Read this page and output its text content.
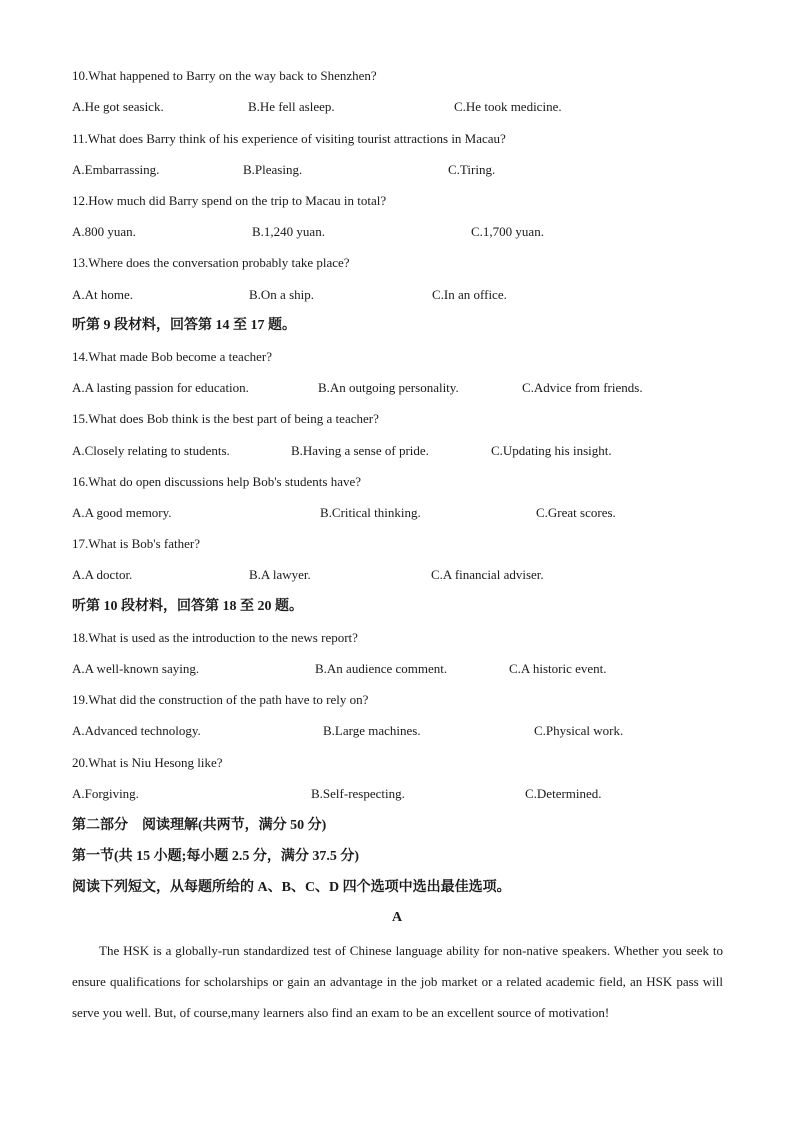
10.What happened to Barry on the way back to Shenzhen?
A.He got seasick.	B.He fell asleep.	C.He took medicine.
11.What does Barry think of his experience of visiting tourist attractions in Macau?
A.Embarrassing.	B.Pleasing.	C.Tiring.
12.How much did Barry spend on the trip to Macau in total?
A.800 yuan.	B.1,240 yuan.	C.1,700 yuan.
13.Where does the conversation probably take place?
A.At home.	B.On a ship.	C.In an office.
听第 9 段材料，回答第 14 至 17 题。
14.What made Bob become a teacher?
A.A lasting passion for education.	B.An outgoing personality.	C.Advice from friends.
15.What does Bob think is the best part of being a teacher?
A.Closely relating to students.	B.Having a sense of pride.	C.Updating his insight.
16.What do open discussions help Bob's students have?
A.A good memory.	B.Critical thinking.	C.Great scores.
17.What is Bob's father?
A.A doctor.	B.A lawyer.	C.A financial adviser.
听第 10 段材料，回答第 18 至 20 题。
18.What is used as the introduction to the news report?
A.A well-known saying.	B.An audience comment.	C.A historic event.
19.What did the construction of the path have to rely on?
A.Advanced technology.	B.Large machines.	C.Physical work.
20.What is Niu Hesong like?
A.Forgiving.	B.Self-respecting.	C.Determined.
第二部分　阅读理解(共两节，满分 50 分)
第一节(共 15 小题;每小题 2.5 分，满分 37.5 分)
阅读下列短文，从每题所给的 A、B、C、D 四个选项中选出最佳选项。
A
The HSK is a globally-run standardized test of Chinese language ability for non-native speakers. Whether you seek to ensure qualifications for scholarships or gain an advantage in the job market or a related academic field, an HSK pass will serve you well. But, of course,many learners also find an exam to be an excellent source of motivation!
